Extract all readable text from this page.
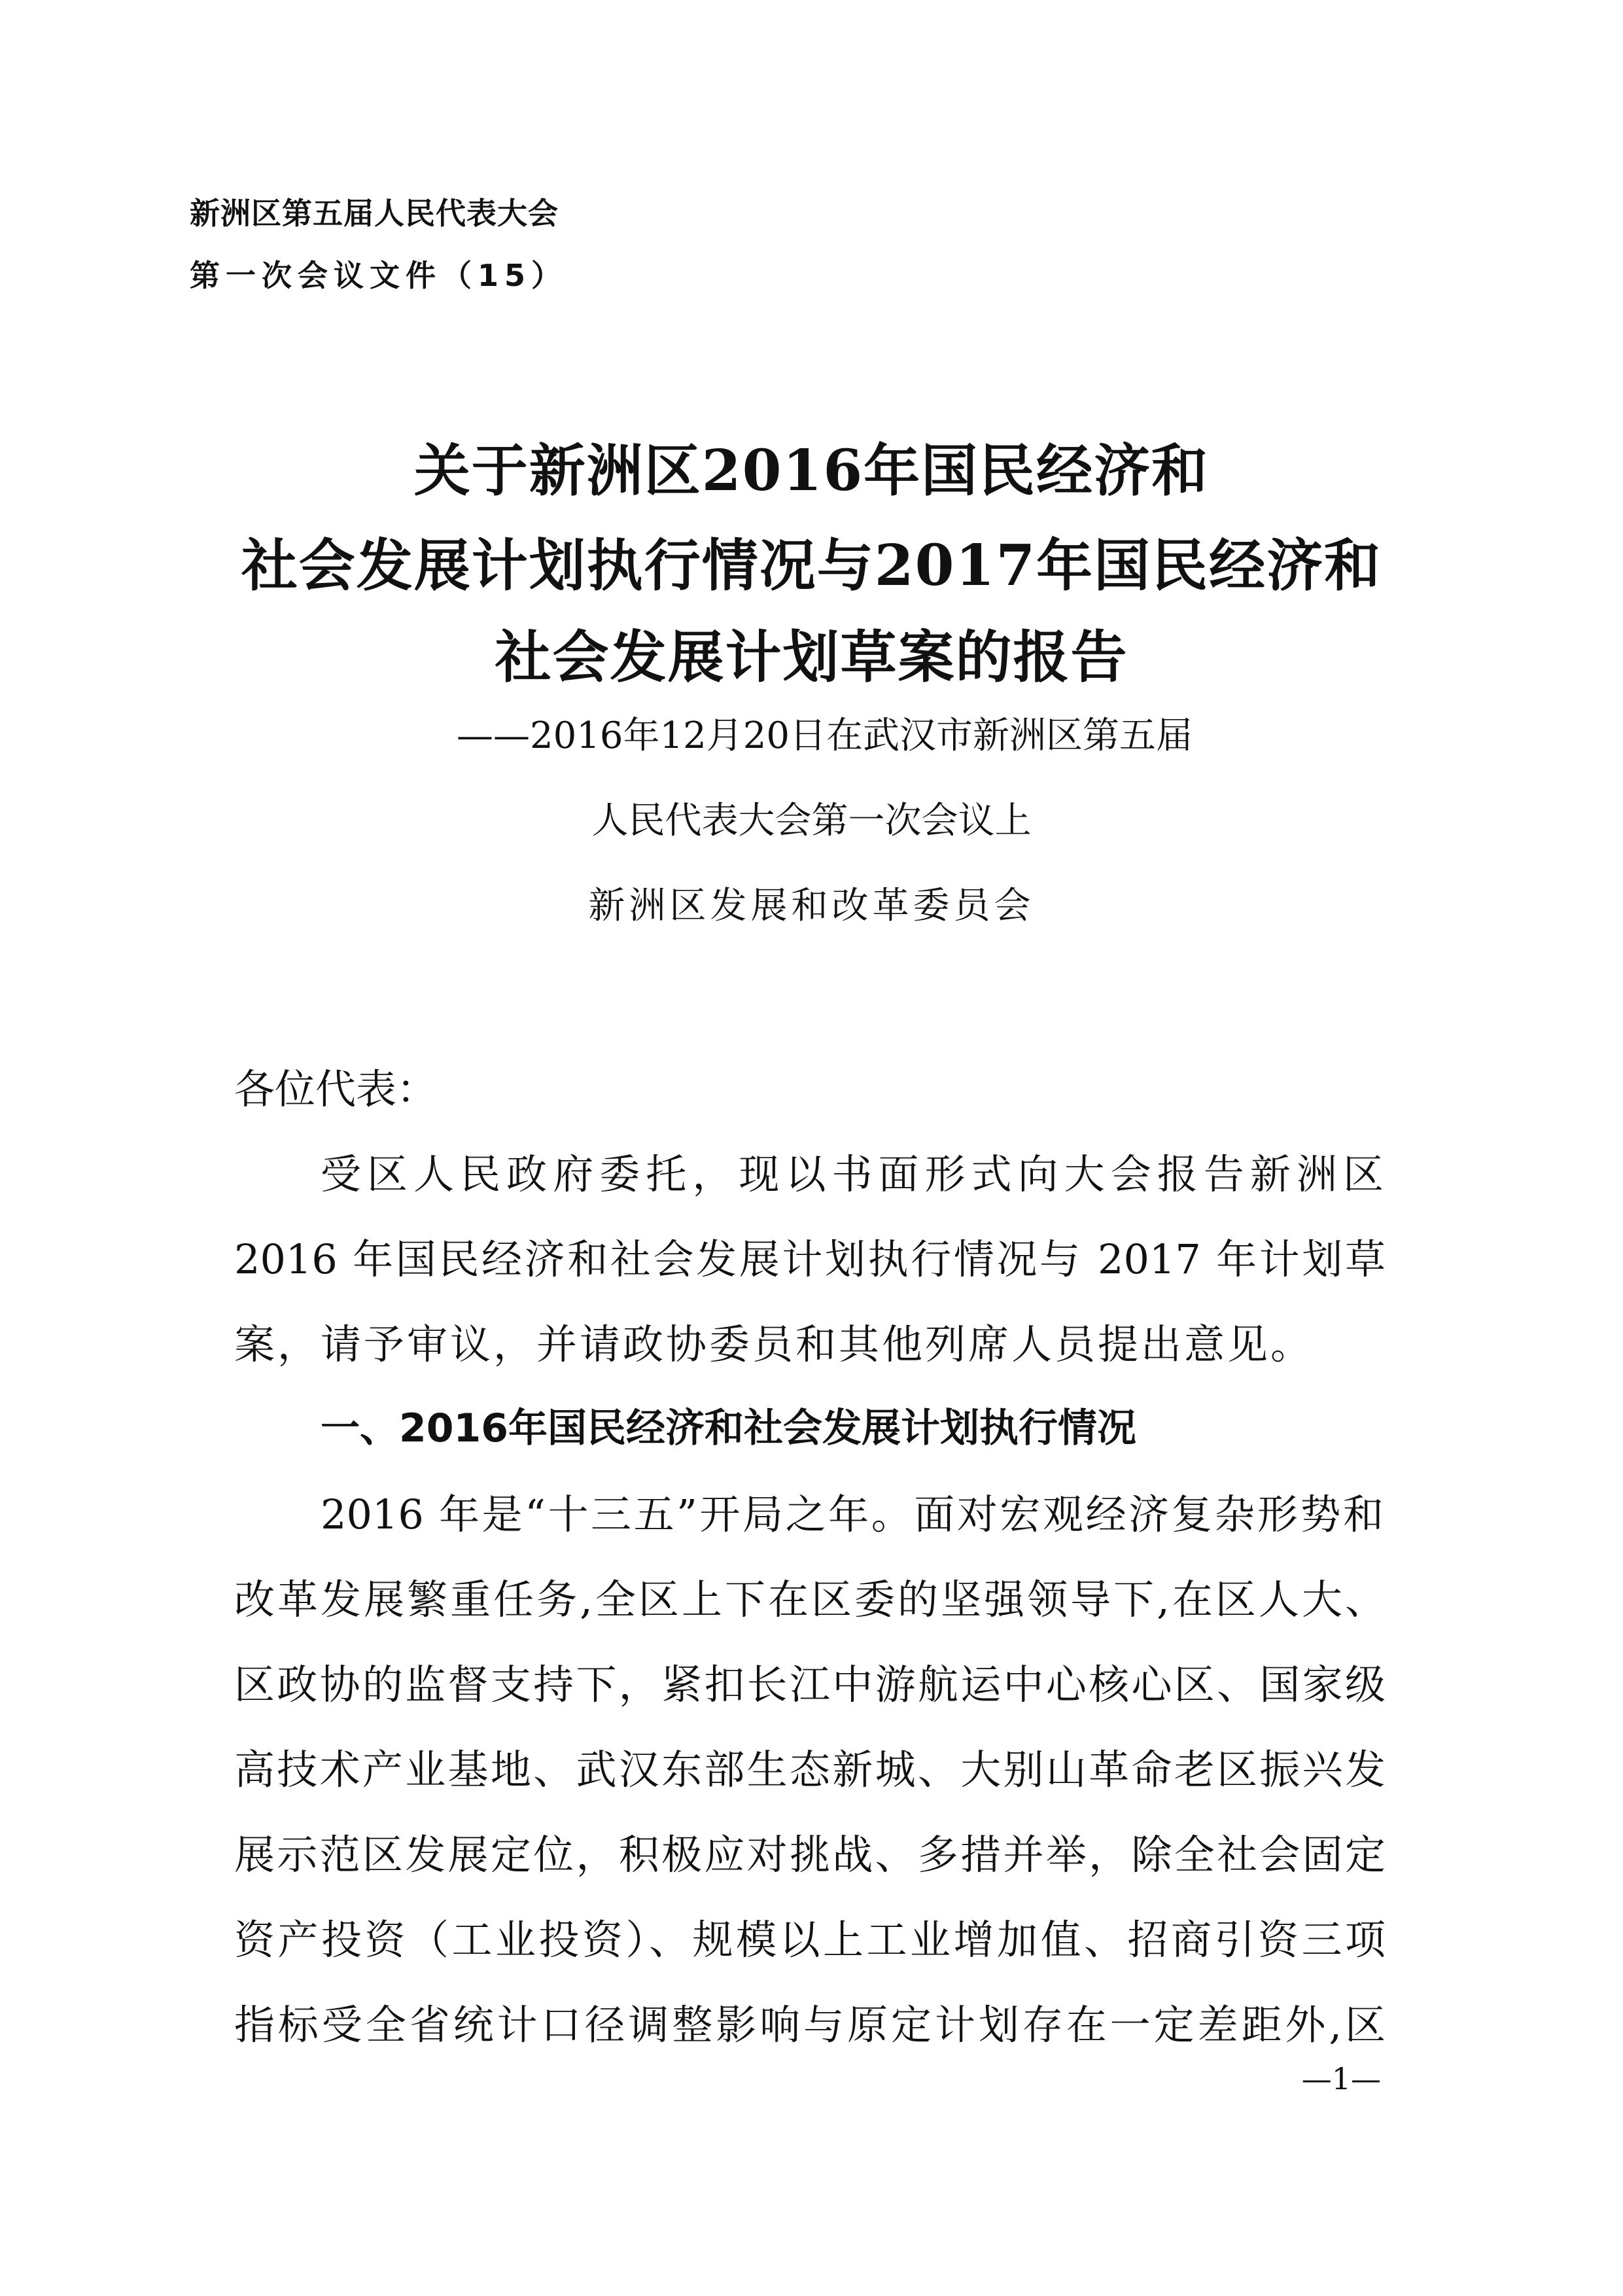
新洲区第五届人民代表大会
第一次会议文件（15）
关于新洲区2016年国民经济和
社会发展计划执行情况与2017年国民经济和
社会发展计划草案的报告
——2016年12月20日在武汉市新洲区第五届
人民代表大会第一次会议上
新洲区发展和改革委员会
各位代表：
受区人民政府委托，现以书面形式向大会报告新洲区
2016 年国民经济和社会发展计划执行情况与 2017 年计划草
案，请予审议，并请政协委员和其他列席人员提出意见。
一、2016年国民经济和社会发展计划执行情况
2016 年是“十三五”开局之年。面对宏观经济复杂形势和
改革发展繁重任务,全区上下在区委的坚强领导下,在区人大、
区政协的监督支持下，紧扣长江中游航运中心核心区、国家级
高技术产业基地、武汉东部生态新城、大别山革命老区振兴发
展示范区发展定位，积极应对挑战、多措并举，除全社会固定
资产投资（工业投资）、规模以上工业增加值、招商引资三项
指标受全省统计口径调整影响与原定计划存在一定差距外,区
—1—
